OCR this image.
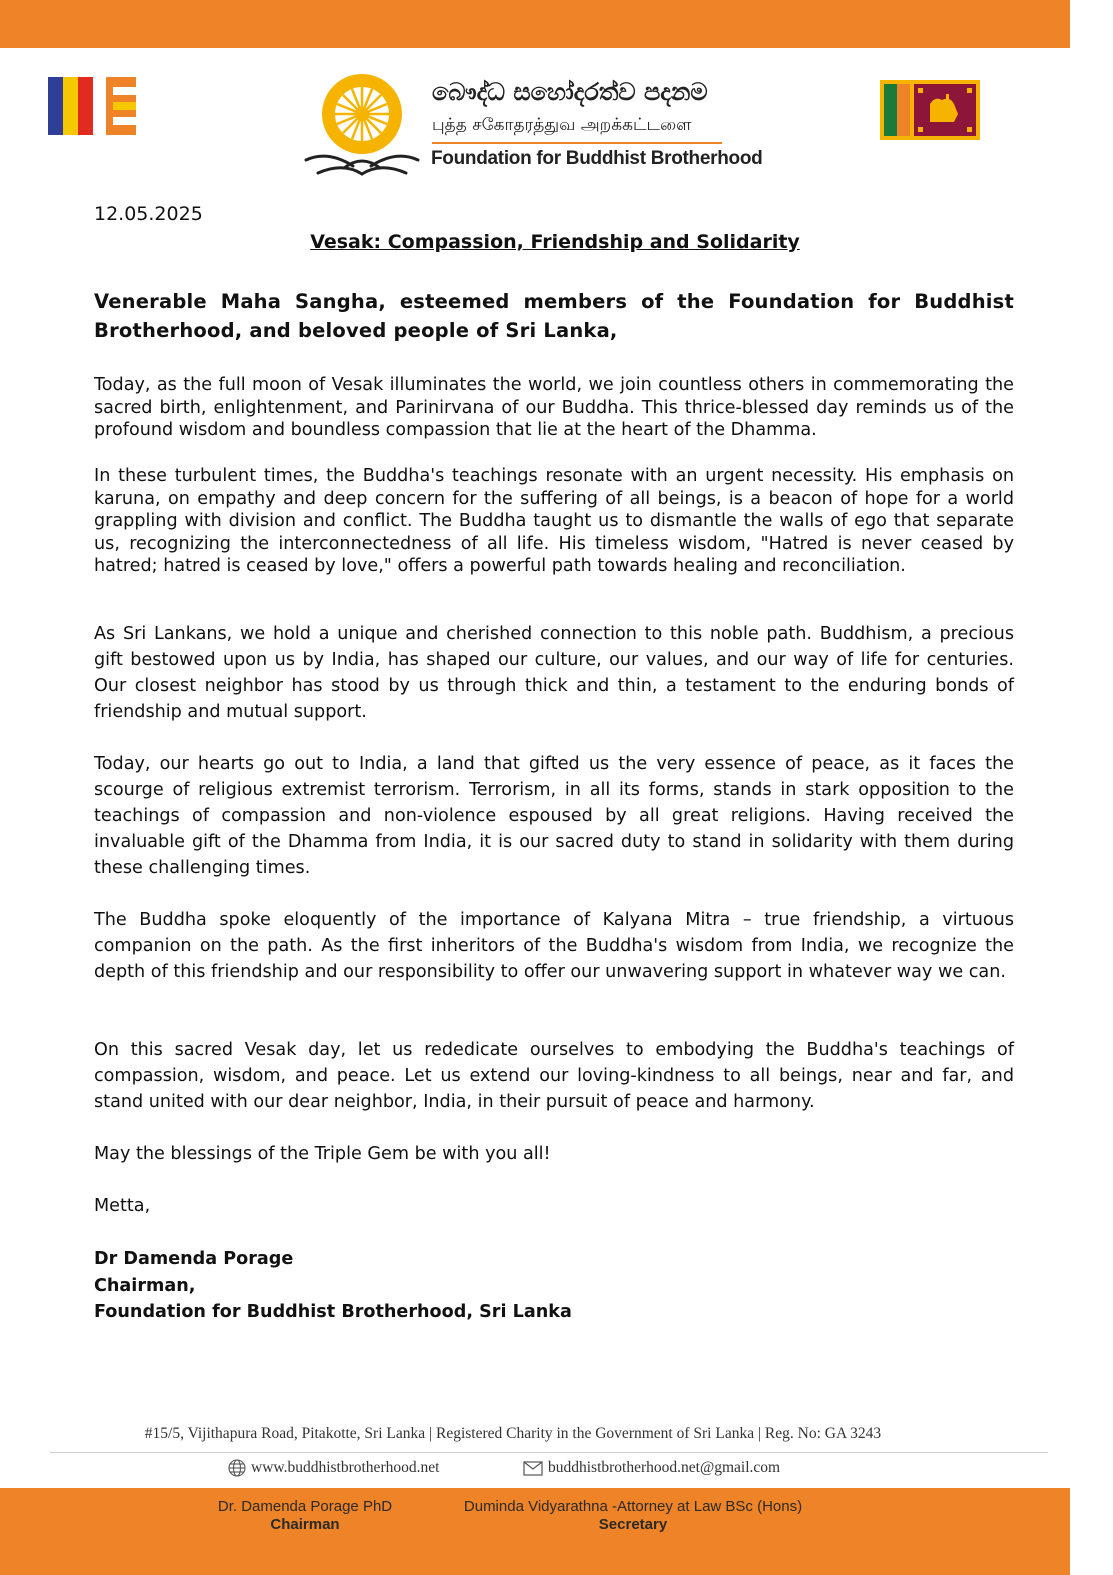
බෞද්ධ සහෝදරත්ව පදනම
புத்த சகோதரத்துவ அறக்கட்டளை
Foundation for Buddhist Brotherhood
12.05.2025
Vesak: Compassion, Friendship and Solidarity
Venerable Maha Sangha, esteemed members of the Foundation for Buddhist Brotherhood, and beloved people of Sri Lanka,

Today, as the full moon of Vesak illuminates the world, we join countless others in commemorating the sacred birth, enlightenment, and Parinirvana of our Buddha. This thrice-blessed day reminds us of the profound wisdom and boundless compassion that lie at the heart of the Dhamma.

In these turbulent times, the Buddha's teachings resonate with an urgent necessity. His emphasis on karuna, on empathy and deep concern for the suffering of all beings, is a beacon of hope for a world grappling with division and conflict. The Buddha taught us to dismantle the walls of ego that separate us, recognizing the interconnectedness of all life. His timeless wisdom, "Hatred is never ceased by hatred; hatred is ceased by love," offers a powerful path towards healing and reconciliation.

As Sri Lankans, we hold a unique and cherished connection to this noble path. Buddhism, a precious gift bestowed upon us by India, has shaped our culture, our values, and our way of life for centuries. Our closest neighbor has stood by us through thick and thin, a testament to the enduring bonds of friendship and mutual support.

Today, our hearts go out to India, a land that gifted us the very essence of peace, as it faces the scourge of religious extremist terrorism. Terrorism, in all its forms, stands in stark opposition to the teachings of compassion and non-violence espoused by all great religions. Having received the invaluable gift of the Dhamma from India, it is our sacred duty to stand in solidarity with them during these challenging times.

The Buddha spoke eloquently of the importance of Kalyana Mitra – true friendship, a virtuous companion on the path. As the first inheritors of the Buddha's wisdom from India, we recognize the depth of this friendship and our responsibility to offer our unwavering support in whatever way we can.

On this sacred Vesak day, let us rededicate ourselves to embodying the Buddha's teachings of compassion, wisdom, and peace. Let us extend our loving-kindness to all beings, near and far, and stand united with our dear neighbor, India, in their pursuit of peace and harmony.

May the blessings of the Triple Gem be with you all!

Metta,

Dr Damenda Porage
Chairman,
Foundation for Buddhist Brotherhood, Sri Lanka
#15/5, Vijithapura Road, Pitakotte, Sri Lanka | Registered Charity in the Government of Sri Lanka | Reg. No: GA 3243
www.buddhistbrotherhood.net	buddhistbrotherhood.net@gmail.com
Dr. Damenda Porage PhD
Chairman
Duminda Vidyarathna -Attorney at Law BSc (Hons)
Secretary
